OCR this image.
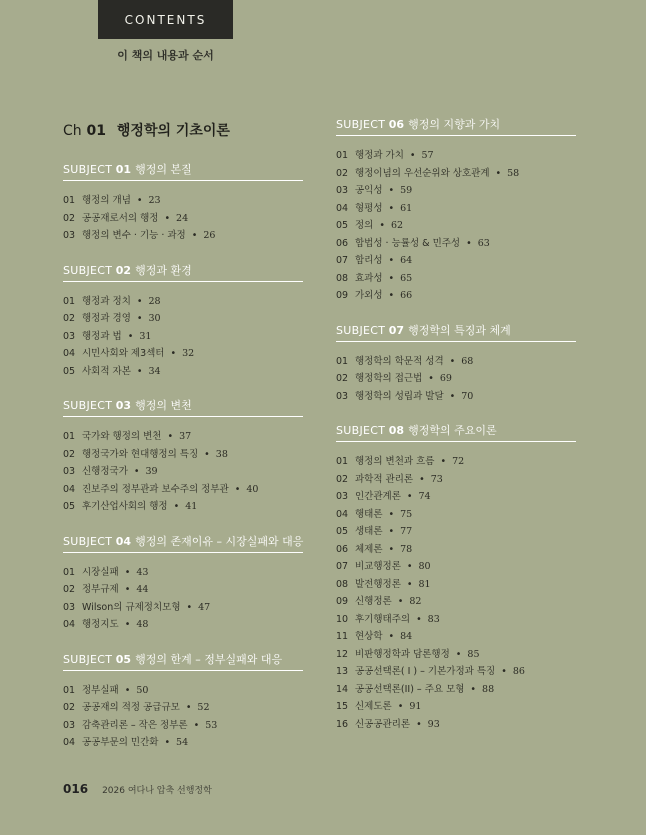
CONTENTS
이 책의 내용과 순서
Ch 01 행정학의 기초이론
SUBJECT 01 행정의 본질
01 행정의 개념 • 23
02 공공재로서의 행정 • 24
03 행정의 변수 · 기능 · 과정 • 26
SUBJECT 02 행정과 환경
01 행정과 정치 • 28
02 행정과 경영 • 30
03 행정과 법 • 31
04 시민사회와 제3섹터 • 32
05 사회적 자본 • 34
SUBJECT 03 행정의 변천
01 국가와 행정의 변천 • 37
02 행정국가와 현대행정의 특징 • 38
03 신행정국가 • 39
04 진보주의 정부관과 보수주의 정부관 • 40
05 후기산업사회의 행정 • 41
SUBJECT 04 행정의 존재이유 – 시장실패와 대응
01 시장실패 • 43
02 정부규제 • 44
03 Wilson의 규제정치모형 • 47
04 행정지도 • 48
SUBJECT 05 행정의 한계 – 정부실패와 대응
01 정부실패 • 50
02 공공재의 적정 공급규모 • 52
03 감축관리론 – 작은 정부론 • 53
04 공공부문의 민간화 • 54
SUBJECT 06 행정의 지향과 가치
01 행정과 가치 • 57
02 행정이념의 우선순위와 상호관계 • 58
03 공익성 • 59
04 형평성 • 61
05 정의 • 62
06 합법성 · 능률성 & 민주성 • 63
07 합리성 • 64
08 효과성 • 65
09 가외성 • 66
SUBJECT 07 행정학의 특징과 체계
01 행정학의 학문적 성격 • 68
02 행정학의 접근법 • 69
03 행정학의 성립과 발달 • 70
SUBJECT 08 행정학의 주요이론
01 행정의 변천과 흐름 • 72
02 과학적 관리론 • 73
03 인간관계론 • 74
04 행태론 • 75
05 생태론 • 77
06 체제론 • 78
07 비교행정론 • 80
08 발전행정론 • 81
09 신행정론 • 82
10 후기행태주의 • 83
11 현상학 • 84
12 비판행정학과 담론행정 • 85
13 공공선택론( I ) – 기본가정과 특징 • 86
14 공공선택론(II) – 주요 모형 • 88
15 신제도론 • 91
16 신공공관리론 • 93
016 2026 여다나 압축 선행정학
